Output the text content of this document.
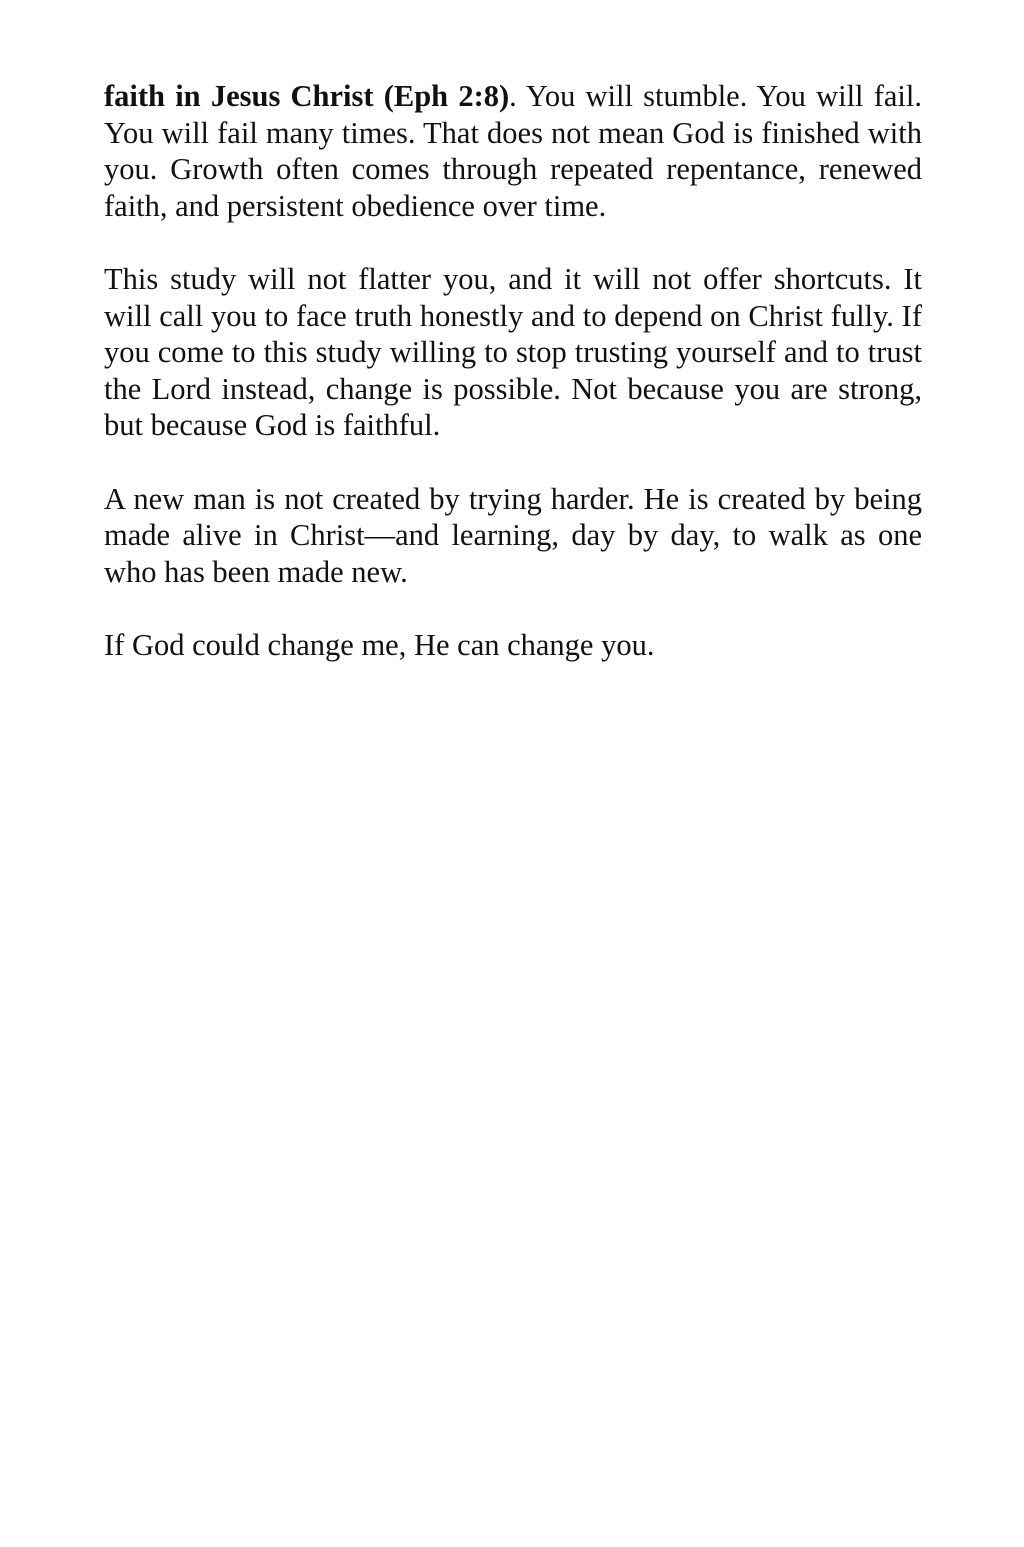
faith in Jesus Christ (Eph 2:8). You will stumble. You will fail. You will fail many times. That does not mean God is finished with you. Growth often comes through repeated repentance, renewed faith, and persistent obedience over time.

This study will not flatter you, and it will not offer shortcuts. It will call you to face truth honestly and to depend on Christ fully. If you come to this study willing to stop trusting yourself and to trust the Lord instead, change is possible. Not because you are strong, but because God is faithful.

A new man is not created by trying harder. He is created by being made alive in Christ—and learning, day by day, to walk as one who has been made new.

If God could change me, He can change you.
